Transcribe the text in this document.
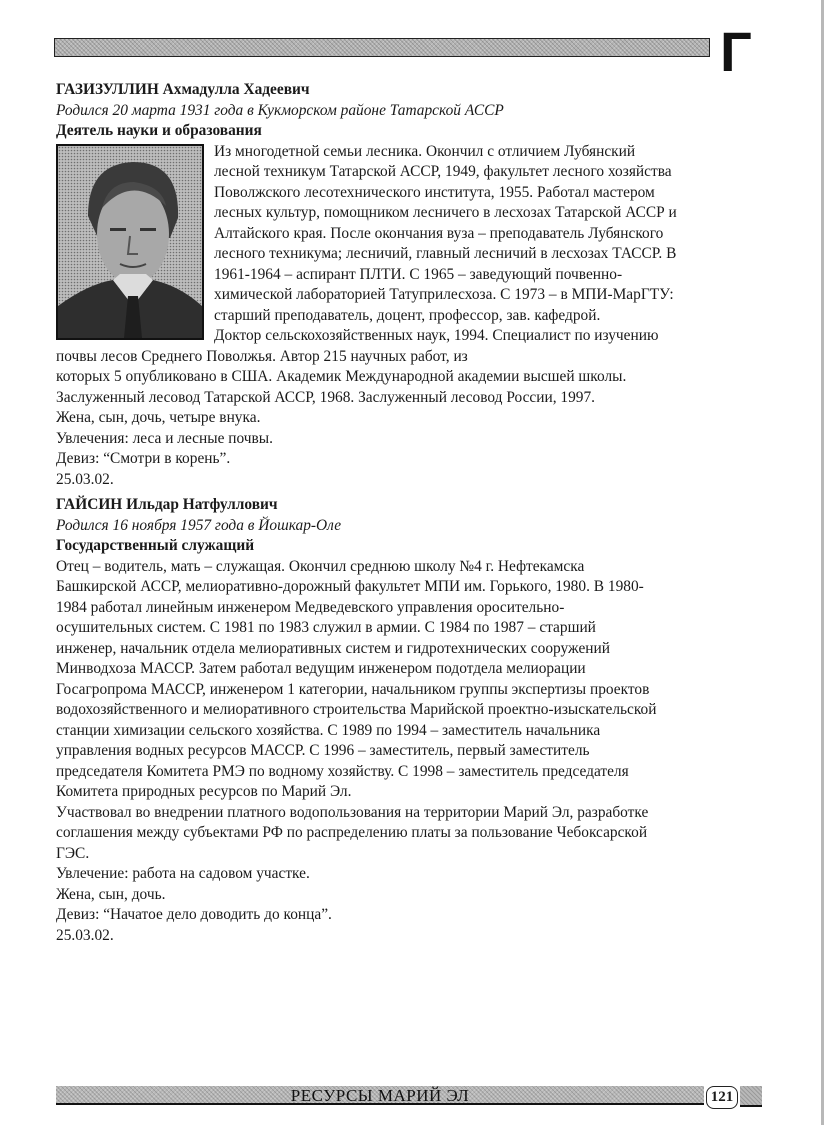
Г
ГАЗИЗУЛЛИН Ахмадулла Хадеевич
Родился 20 марта 1931 года в Кукморском районе Татарской АССР
Деятель науки и образования
Из многодетной семьи лесника. Окончил с отличием Лубянский
лесной техникум Татарской АССР, 1949, факультет лесного хозяйства
Поволжского лесотехнического института, 1955. Работал мастером
лесных культур, помощником лесничего в лесхозах Татарской АССР и
Алтайского края. После окончания вуза – преподаватель Лубянского
лесного техникума; лесничий, главный лесничий в лесхозах ТАССР. В
1961-1964 – аспирант ПЛТИ. С 1965 – заведующий почвенно-
химической лабораторией Татуприлесхоза. С 1973 – в МПИ-МарГТУ:
старший преподаватель, доцент, профессор, зав. кафедрой.
Доктор сельскохозяйственных наук, 1994. Специалист по изучению
почвы лесов Среднего Поволжья. Автор 215 научных работ, из
которых 5 опубликовано в США. Академик Международной академии высшей школы.
Заслуженный лесовод Татарской АССР, 1968. Заслуженный лесовод России, 1997.
Жена, сын, дочь, четыре внука.
Увлечения: леса и лесные почвы.
Девиз: “Смотри в корень”.
25.03.02.
ГАЙСИН Ильдар Натфуллович
Родился 16 ноября 1957 года в Йошкар-Оле
Государственный служащий
Отец – водитель, мать – служащая. Окончил среднюю школу №4 г. Нефтекамска
Башкирской АССР, мелиоративно-дорожный факультет МПИ им. Горького, 1980. В 1980-
1984 работал линейным инженером Медведевского управления оросительно-
осушительных систем. С 1981 по 1983 служил в армии. С 1984 по 1987 – старший
инженер, начальник отдела мелиоративных систем и гидротехнических сооружений
Минводхоза МАССР. Затем работал ведущим инженером подотдела мелиорации
Госагропрома МАССР, инженером 1 категории, начальником группы экспертизы проектов
водохозяйственного и мелиоративного строительства Марийской проектно-изыскательской
станции химизации сельского хозяйства. С 1989 по 1994 – заместитель начальника
управления водных ресурсов МАССР. С 1996 – заместитель, первый заместитель
председателя Комитета РМЭ по водному хозяйству. С 1998 – заместитель председателя
Комитета природных ресурсов по Марий Эл.
Участвовал во внедрении платного водопользования на территории Марий Эл, разработке
соглашения между субъектами РФ по распределению платы за пользование Чебоксарской
ГЭС.
Увлечение: работа на садовом участке.
Жена, сын, дочь.
Девиз: “Начатое дело доводить до конца”.
25.03.02.
РЕСУРСЫ МАРИЙ ЭЛ	121
